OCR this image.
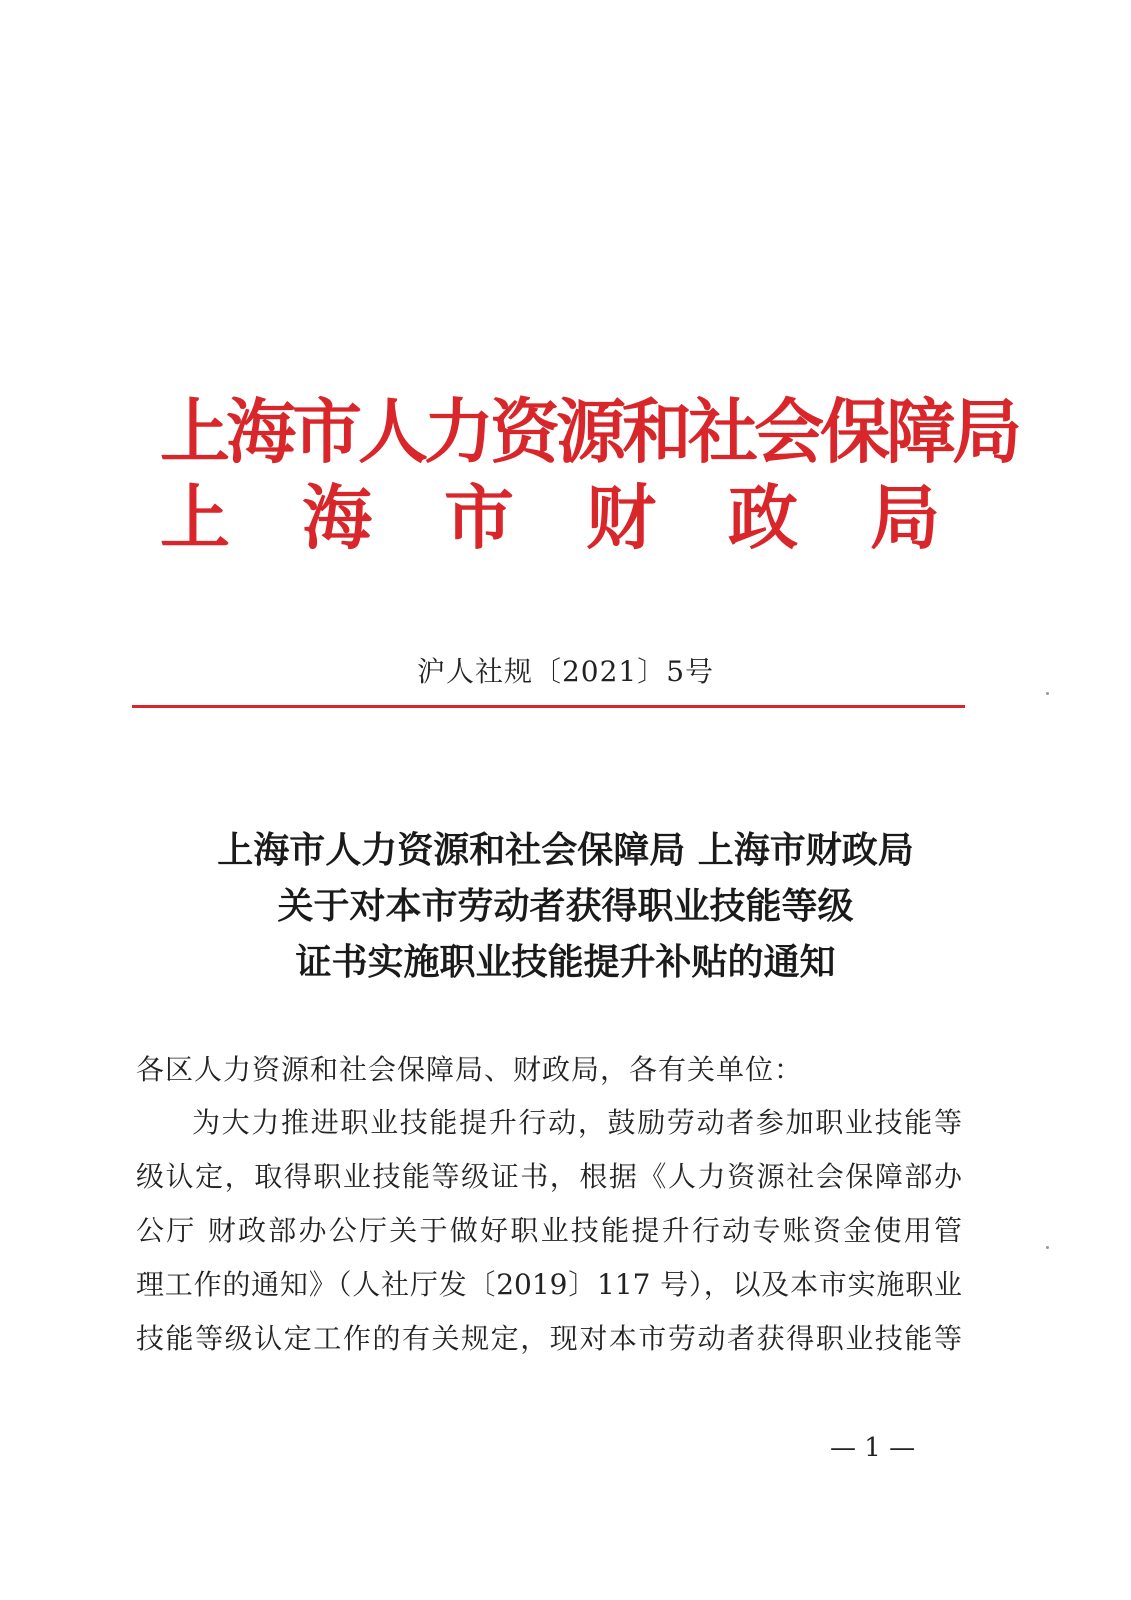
上海市人力资源和社会保障局
上 海 市 财 政 局
沪人社规〔2021〕5号
上海市人力资源和社会保障局 上海市财政局
关于对本市劳动者获得职业技能等级
证书实施职业技能提升补贴的通知
各区人力资源和社会保障局、财政局，各有关单位：
为大力推进职业技能提升行动，鼓励劳动者参加职业技能等
级认定，取得职业技能等级证书，根据《人力资源社会保障部办
公厅 财政部办公厅关于做好职业技能提升行动专账资金使用管
理工作的通知》（人社厅发〔2019〕117 号），以及本市实施职业
技能等级认定工作的有关规定，现对本市劳动者获得职业技能等
— 1 —
